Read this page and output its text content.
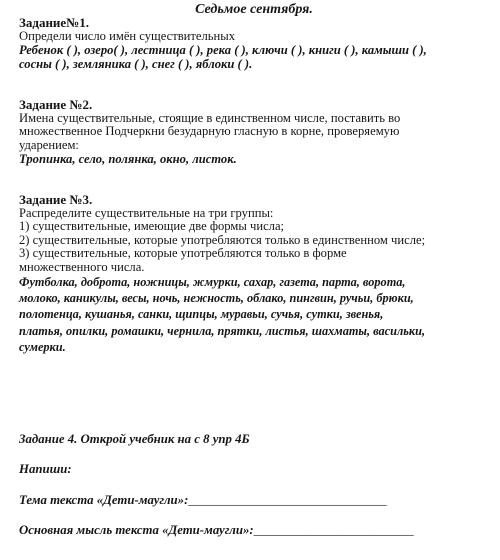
Седьмое сентября.
Задание№1.
Определи число имён существительных
Ребенок ( ), озеро( ), лестница ( ), река ( ), ключи ( ), книги ( ), камыши ( ),
сосны ( ), земляника ( ), снег ( ), яблоки ( ).
Задание №2.
Имена существительные, стоящие в единственном числе, поставить во
множественное Подчеркни безударную гласную в корне, проверяемую
ударением:
Тропинка, село, полянка, окно, листок.
Задание №3.
Распределите существительные на три группы:
1) существительные, имеющие две формы числа;
2) существительные, которые употребляются только в единственном числе;
3) существительные, которые употребляются только в форме
множественного числа.
Футболка, доброта, ножницы, жмурки, сахар, газета, парта, ворота,
молоко, каникулы, весы, ночь, нежность, облако, пингвин, ручьи, брюки,
полотенца, кушанья, санки, щипцы, муравьи, сучья, сутки, звенья,
платья, опилки, ромашки, чернила, прятки, листья, шахматы, васильки,
сумерки.
Задание 4. Открой учебник на с 8 упр 4Б
Напиши:
Тема текста «Дети-маугли»:_______________________________
Основная мысль текста «Дети-маугли»:_________________________
